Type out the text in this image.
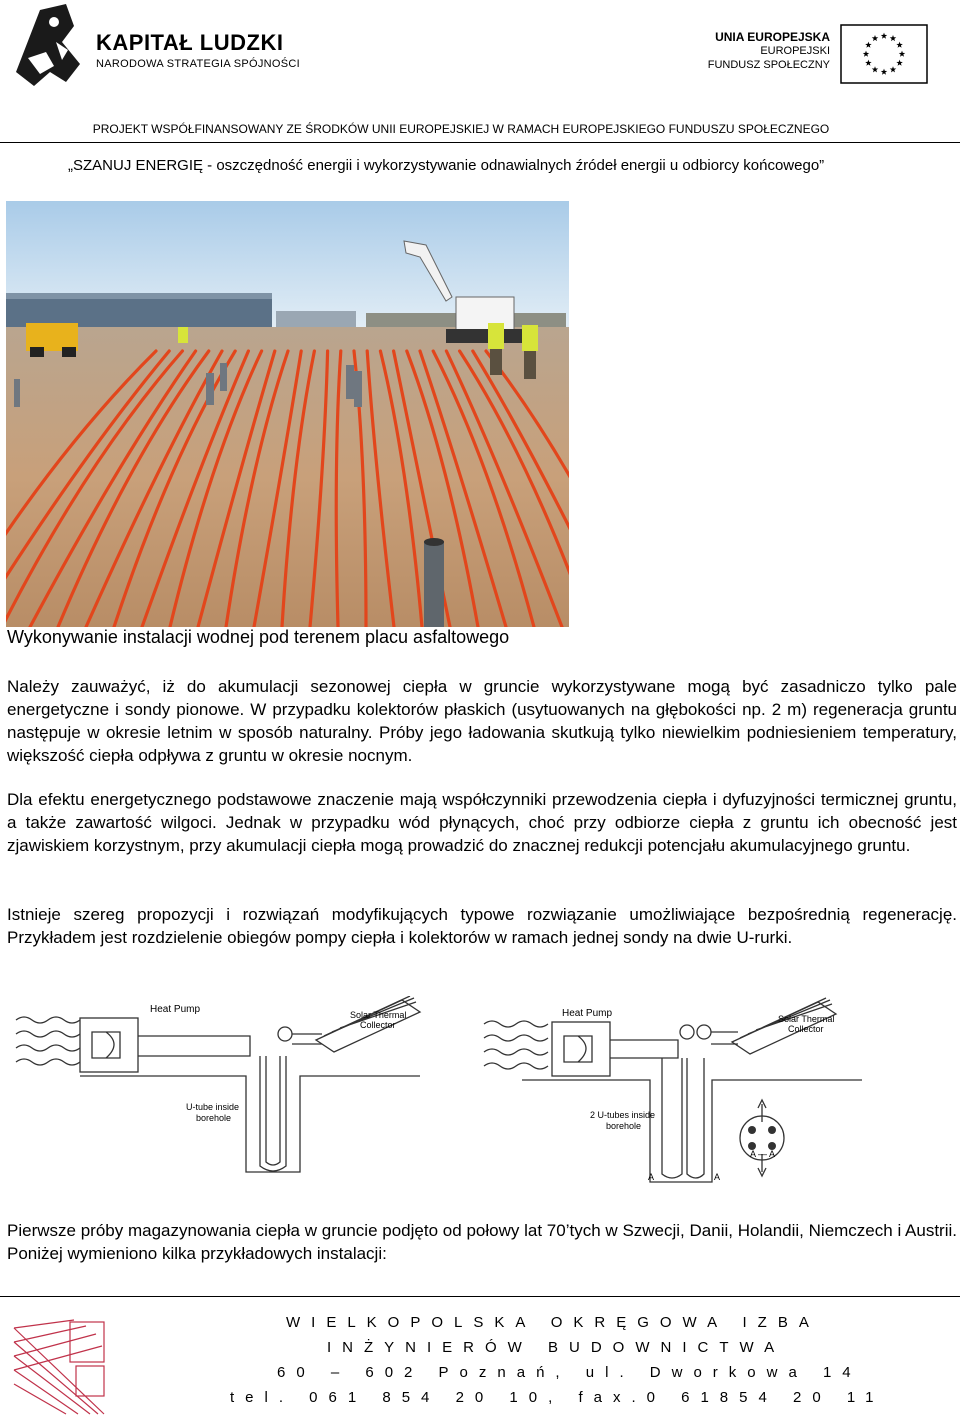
KAPITAŁ LUDZKI
NARODOWA STRATEGIA SPÓJNOŚCI
UNIA EUROPEJSKA
EUROPEJSKI
FUNDUSZ SPOŁECZNY
PROJEKT WSPÓŁFINANSOWANY ZE ŚRODKÓW UNII EUROPEJSKIEJ W RAMACH EUROPEJSKIEGO FUNDUSZU SPOŁECZNEGO
„SZANUJ ENERGIĘ - oszczędność energii i wykorzystywanie odnawialnych źródeł energii u odbiorcy końcowego”
Wykonywanie instalacji wodnej pod terenem placu asfaltowego
Należy zauważyć, iż do akumulacji sezonowej ciepła w gruncie wykorzystywane mogą być zasadniczo tylko pale energetyczne i sondy pionowe. W przypadku kolektorów płaskich (usytuowanych na głębokości np. 2 m) regeneracja gruntu następuje w okresie letnim w sposób naturalny. Próby jego ładowania skutkują tylko niewielkim podniesieniem temperatury, większość ciepła odpływa z gruntu w okresie nocnym.
Dla efektu energetycznego podstawowe znaczenie mają współczynniki przewodzenia ciepła i dyfuzyjności termicznej gruntu, a także zawartość wilgoci. Jednak w przypadku wód płynących, choć przy odbiorze ciepła z gruntu ich obecność jest zjawiskiem korzystnym, przy akumulacji ciepła mogą prowadzić do znacznej redukcji potencjału akumulacyjnego gruntu.
Istnieje szereg propozycji i rozwiązań modyfikujących typowe rozwiązanie umożliwiające bezpośrednią regenerację. Przykładem jest rozdzielenie obiegów pompy ciepła i kolektorów w ramach jednej sondy na dwie U-rurki.
Heat Pump	Solar Thermal
Collector
U-tube inside
borehole
Heat Pump	Solar Thermal
Collector
2 U-tubes inside
borehole
A — A
A	A
Pierwsze próby magazynowania ciepła w gruncie podjęto od połowy lat 70’tych w Szwecji, Danii, Holandii, Niemczech i Austrii. Poniżej wymieniono kilka przykładowych instalacji:
WIELKOPOLSKA OKRĘGOWA IZBA
INŻYNIERÓW BUDOWNICTWA
60 – 602 Poznań, ul. Dworkowa 14
tel. 061 854 20 10, fax.0 61854 20 11
